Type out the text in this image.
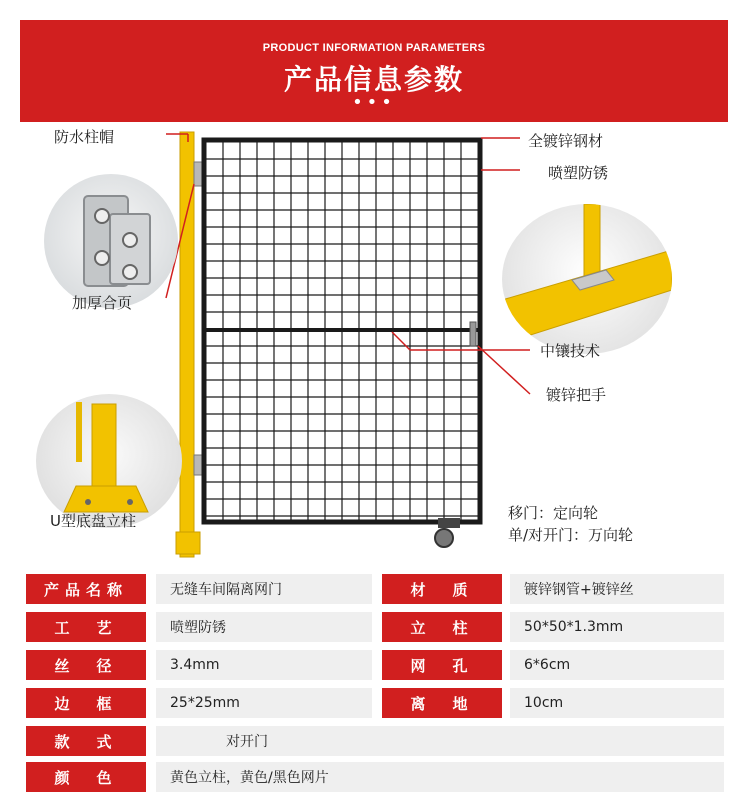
PRODUCT INFORMATION PARAMETERS
产品信息参数
•••
防水柱帽
加厚合页
U型底盘立柱
全镀锌钢材
喷塑防锈
中镶技术
镀锌把手
移门：定向轮
单/对开门：万向轮
产品名称	无缝车间隔离网门	材　质	镀锌钢管+镀锌丝
工　艺	喷塑防锈	立　柱	50*50*1.3mm
丝　径	3.4mm	网　孔	6*6cm
边　框	25*25mm	离　地	10cm
款　式	对开门
颜　色	黄色立柱，黄色/黑色网片
